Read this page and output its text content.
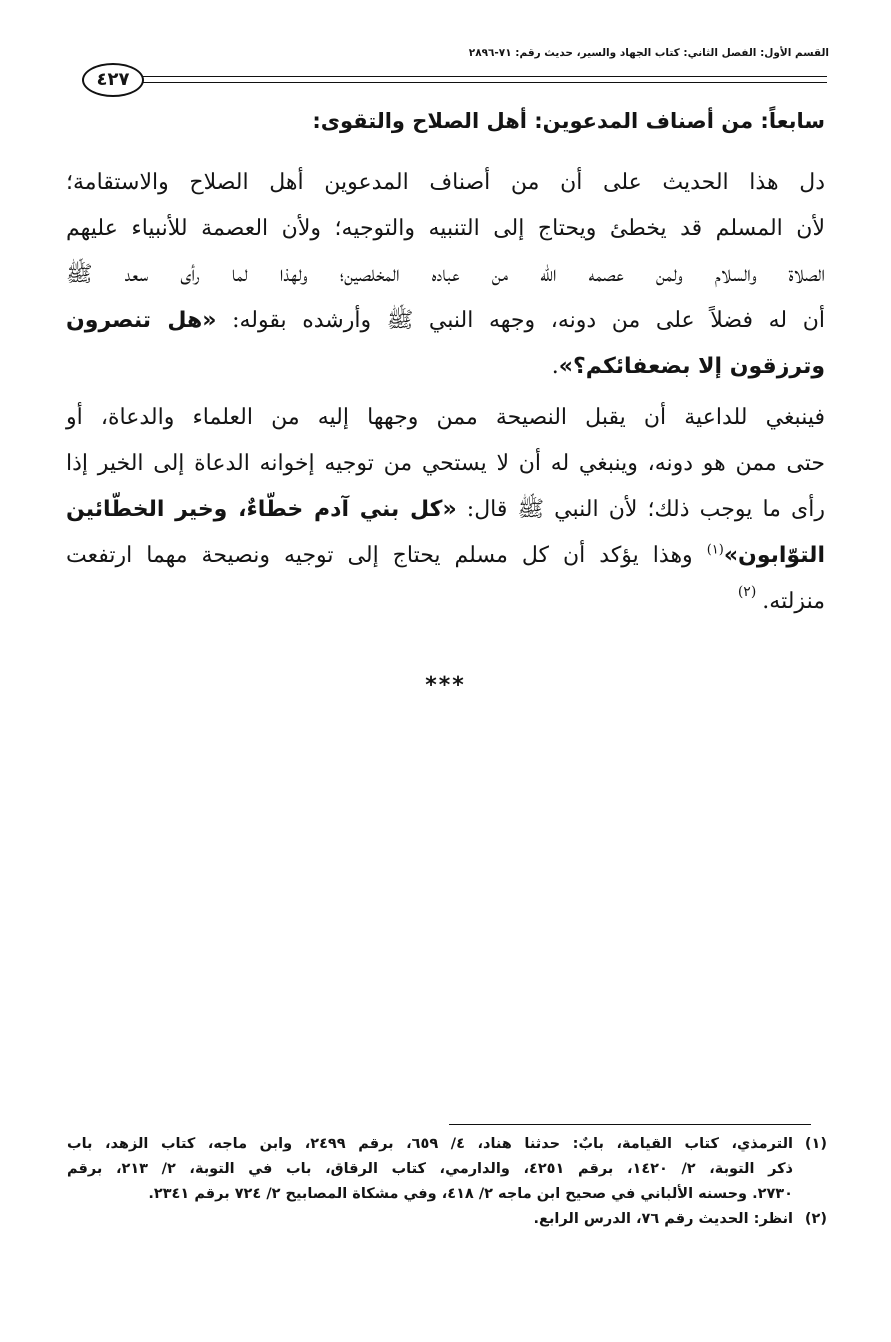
القسم الأول: الفصل الثاني: كتاب الجهاد والسير، حديث رقم: ٧١-٢٨٩٦
٤٢٧
سابعاً: من أصناف المدعوين: أهل الصلاح والتقوى:
دل هذا الحديث على أن من أصناف المدعوين أهل الصلاح والاستقامة؛
لأن المسلم قد يخطئ ويحتاج إلى التنبيه والتوجيه؛ ولأن العصمة للأنبياء عليهم
الصلاة والسلام ولمن عصمه الله من عباده المخلصين؛ ولهذا لما رأى سعد ﷺ
أن له فضلاً على من دونه، وجهه النبي ﷺ وأرشده بقوله: «هل تنصرون
وترزقون إلا بضعفائكم؟».
فينبغي للداعية أن يقبل النصيحة ممن وجهها إليه من العلماء والدعاة، أو
حتى ممن هو دونه، وينبغي له أن لا يستحي من توجيه إخوانه الدعاة إلى الخير إذا
رأى ما يوجب ذلك؛ لأن النبي ﷺ قال: «كل بني آدم خطّاءٌ، وخير الخطّائين
التوّابون»$^{(١)}$ وهذا يؤكد أن كل مسلم يحتاج إلى توجيه ونصيحة مهما ارتفعت
منزلته.$^{(٢)}$
***
(١)
الترمذي، كتاب القيامة، بابٌ: حدثنا هناد، ٤/ ٦٥٩، برقم ٢٤٩٩، وابن ماجه، كتاب الزهد، باب
ذكر التوبة، ٢/ ١٤٢٠، برقم ٤٢٥١، والدارمي، كتاب الرقاق، باب في التوبة، ٢/ ٢١٣، برقم
٢٧٣٠. وحسنه الألباني في صحيح ابن ماجه ٢/ ٤١٨، وفي مشكاة المصابيح ٢/ ٧٢٤ برقم ٢٣٤١.
(٢)
انظر: الحديث رقم ٧٦، الدرس الرابع.
